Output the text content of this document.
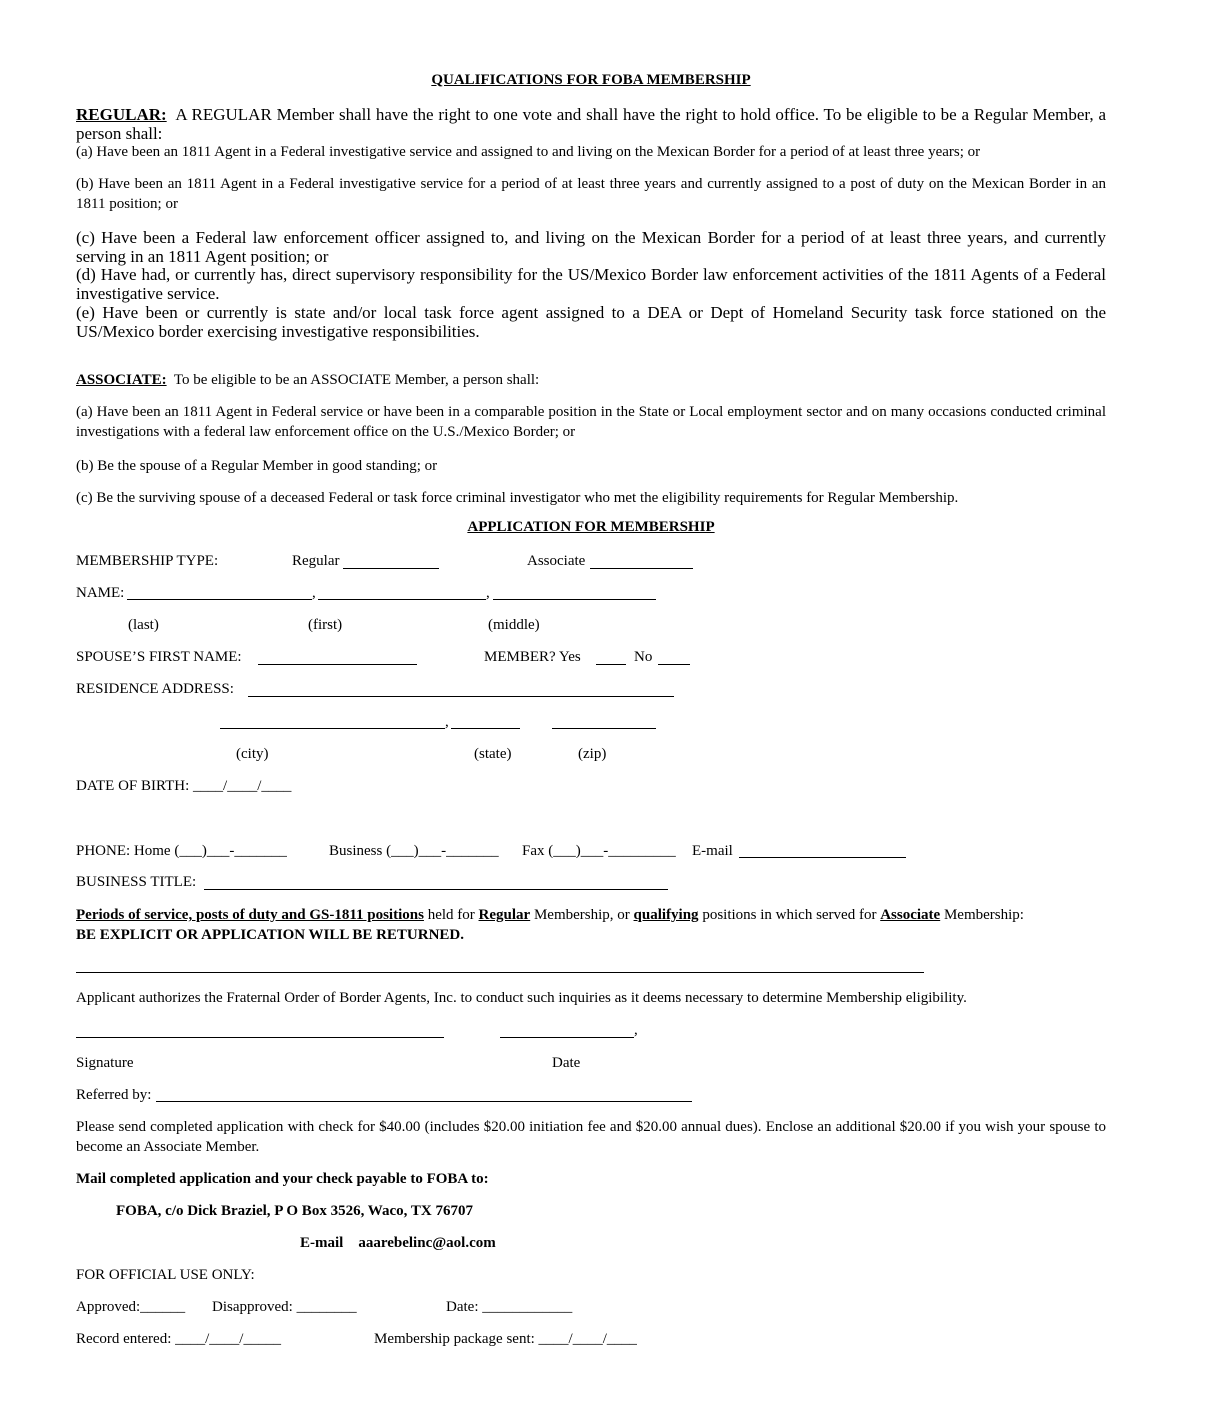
QUALIFICATIONS FOR FOBA MEMBERSHIP
REGULAR: A REGULAR Member shall have the right to one vote and shall have the right to hold office. To be eligible to be a Regular Member, a person shall:
(a) Have been an 1811 Agent in a Federal investigative service and assigned to and living on the Mexican Border for a period of at least three years; or
(b) Have been an 1811 Agent in a Federal investigative service for a period of at least three years and currently assigned to a post of duty on the Mexican Border in an 1811 position; or
(c) Have been a Federal law enforcement officer assigned to, and living on the Mexican Border for a period of at least three years, and currently serving in an 1811 Agent position; or
(d) Have had, or currently has, direct supervisory responsibility for the US/Mexico Border law enforcement activities of the 1811 Agents of a Federal investigative service.
(e) Have been or currently is state and/or local task force agent assigned to a DEA or Dept of Homeland Security task force stationed on the US/Mexico border exercising investigative responsibilities.
ASSOCIATE: To be eligible to be an ASSOCIATE Member, a person shall:
(a) Have been an 1811 Agent in Federal service or have been in a comparable position in the State or Local employment sector and on many occasions conducted criminal investigations with a federal law enforcement office on the U.S./Mexico Border; or
(b) Be the spouse of a Regular Member in good standing; or
(c) Be the surviving spouse of a deceased Federal or task force criminal investigator who met the eligibility requirements for Regular Membership.
APPLICATION FOR MEMBERSHIP
MEMBERSHIP TYPE:	Regular	Associate
NAME:	,	,
(last)	(first)	(middle)
SPOUSE’S FIRST NAME:	MEMBER? Yes	No
RESIDENCE ADDRESS:
,
(city)	(state)	(zip)
DATE OF BIRTH: ____/____/____
PHONE: Home (___)___-_______	Business (___)___-_______ Fax (___)___-_________ E-mail
BUSINESS TITLE:
Periods of service, posts of duty and GS-1811 positions held for Regular Membership, or qualifying positions in which served for Associate Membership:
BE EXPLICIT OR APPLICATION WILL BE RETURNED.
Applicant authorizes the Fraternal Order of Border Agents, Inc. to conduct such inquiries as it deems necessary to determine Membership eligibility.
,
Signature	Date
Referred by:
Please send completed application with check for $40.00 (includes $20.00 initiation fee and $20.00 annual dues). Enclose an additional $20.00 if you wish your spouse to become an Associate Member.
Mail completed application and your check payable to FOBA to:
FOBA, c/o Dick Braziel, P O Box 3526, Waco, TX 76707
E-mail aaarebelinc@aol.com
FOR OFFICIAL USE ONLY:
Approved:______ Disapproved: ________	Date: ____________
Record entered: ____/____/_____	Membership package sent: ____/____/____
